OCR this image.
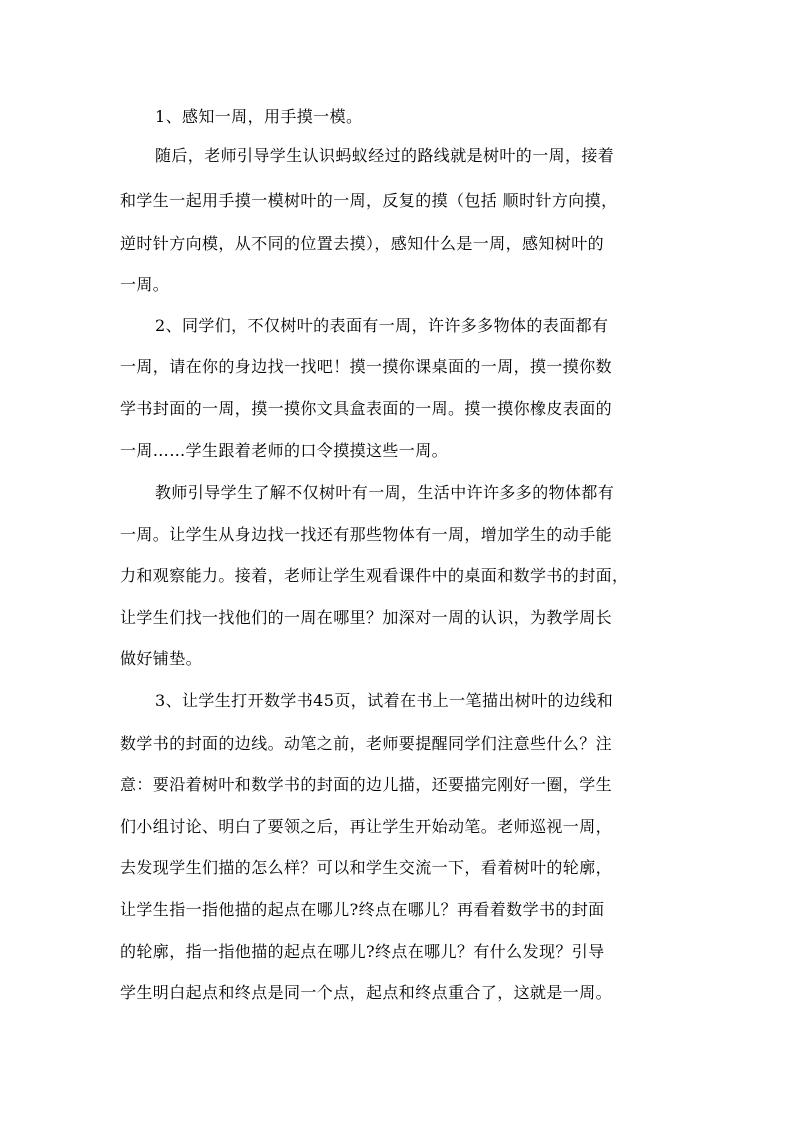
1、感知一周，用手摸一模。
随后，老师引导学生认识蚂蚁经过的路线就是树叶的一周，接着
和学生一起用手摸一模树叶的一周，反复的摸（包括 顺时针方向摸，
逆时针方向模，从不同的位置去摸），感知什么是一周，感知树叶的
一周。
2、同学们，不仅树叶的表面有一周，许许多多物体的表面都有
一周，请在你的身边找一找吧！摸一摸你课桌面的一周，摸一摸你数
学书封面的一周，摸一摸你文具盒表面的一周。摸一摸你橡皮表面的
一周……学生跟着老师的口令摸摸这些一周。
教师引导学生了解不仅树叶有一周，生活中许许多多的物体都有
一周。让学生从身边找一找还有那些物体有一周，增加学生的动手能
力和观察能力。接着，老师让学生观看课件中的桌面和数学书的封面，
让学生们找一找他们的一周在哪里？加深对一周的认识，为教学周长
做好铺垫。
3、让学生打开数学书45页，试着在书上一笔描出树叶的边线和
数学书的封面的边线。动笔之前，老师要提醒同学们注意些什么？注
意：要沿着树叶和数学书的封面的边儿描，还要描完刚好一圈，学生
们小组讨论、明白了要领之后，再让学生开始动笔。老师巡视一周，
去发现学生们描的怎么样？可以和学生交流一下，看着树叶的轮廓，
让学生指一指他描的起点在哪儿?终点在哪儿？再看着数学书的封面
的轮廓，指一指他描的起点在哪儿?终点在哪儿？有什么发现？引导
学生明白起点和终点是同一个点，起点和终点重合了，这就是一周。
